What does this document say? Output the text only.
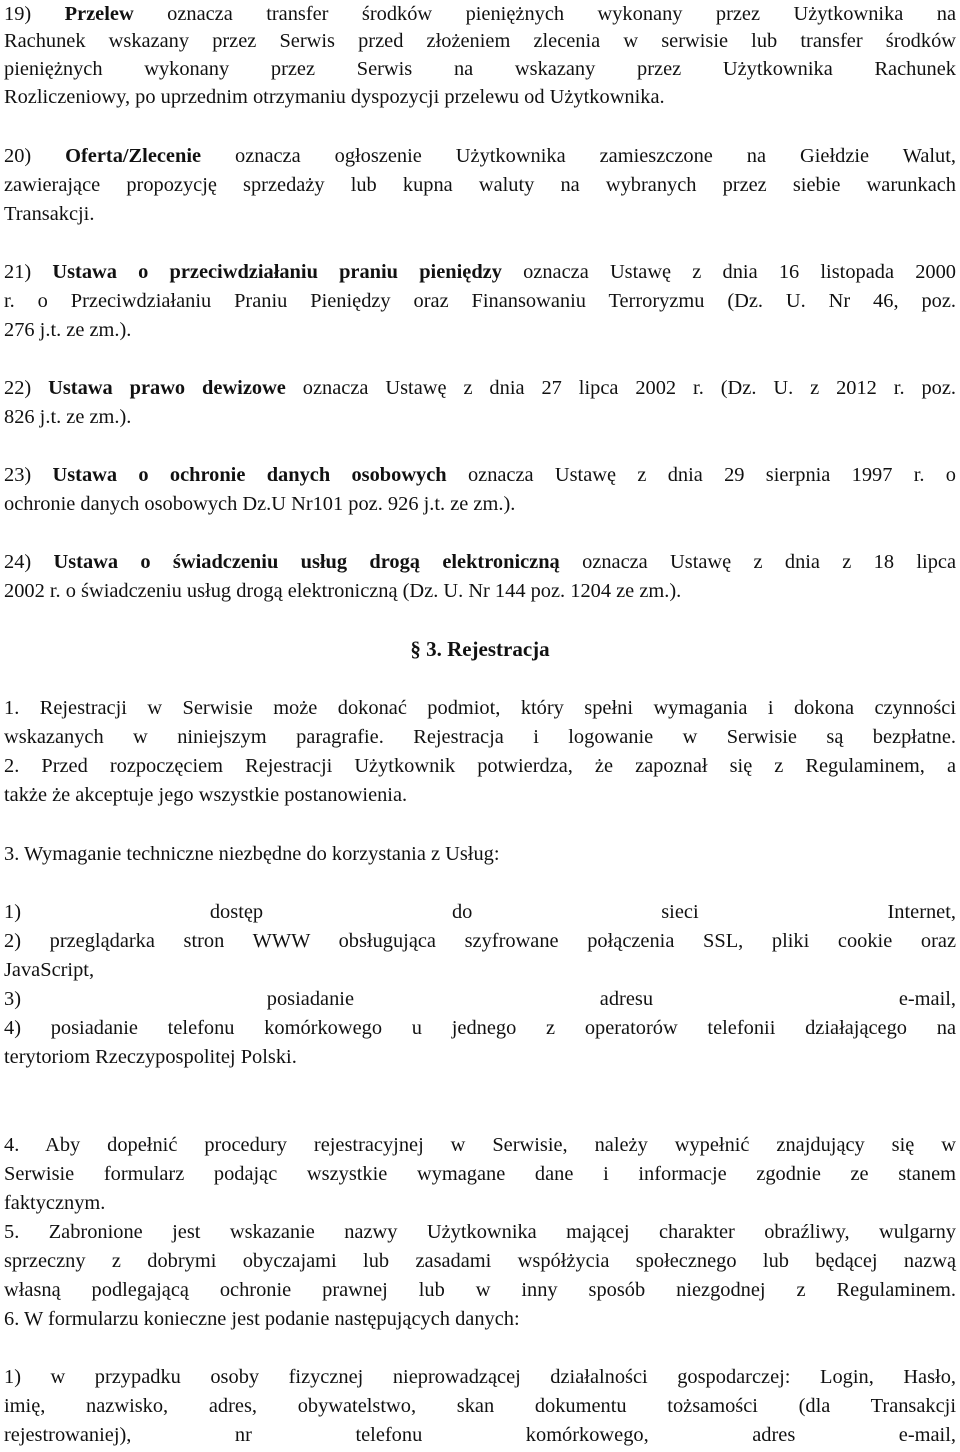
19) Przelew oznacza transfer środków pieniężnych wykonany przez Użytkownika na
Rachunek wskazany przez Serwis przed złożeniem zlecenia w serwisie lub transfer środków
pieniężnych wykonany przez Serwis na wskazany przez Użytkownika Rachunek
Rozliczeniowy, po uprzednim otrzymaniu dyspozycji przelewu od Użytkownika.
20) Oferta/Zlecenie oznacza ogłoszenie Użytkownika zamieszczone na Giełdzie Walut,
zawierające propozycję sprzedaży lub kupna waluty na wybranych przez siebie warunkach
Transakcji.
21) Ustawa o przeciwdziałaniu praniu pieniędzy oznacza Ustawę z dnia 16 listopada 2000
r. o Przeciwdziałaniu Praniu Pieniędzy oraz Finansowaniu Terroryzmu (Dz. U. Nr 46, poz.
276 j.t. ze zm.).
22) Ustawa prawo dewizowe oznacza Ustawę z dnia 27 lipca 2002 r. (Dz. U. z 2012 r. poz.
826 j.t. ze zm.).
23) Ustawa o ochronie danych osobowych oznacza Ustawę z dnia 29 sierpnia 1997 r. o
ochronie danych osobowych Dz.U Nr101 poz. 926 j.t. ze zm.).
24) Ustawa o świadczeniu usług drogą elektroniczną oznacza Ustawę z dnia z 18 lipca
2002 r. o świadczeniu usług drogą elektroniczną (Dz. U. Nr 144 poz. 1204 ze zm.).
§ 3. Rejestracja
1. Rejestracji w Serwisie może dokonać podmiot, który spełni wymagania i dokona czynności
wskazanych w niniejszym paragrafie. Rejestracja i logowanie w Serwisie są bezpłatne.
2. Przed rozpoczęciem Rejestracji Użytkownik potwierdza, że zapoznał się z Regulaminem, a
także że akceptuje jego wszystkie postanowienia.
3. Wymaganie techniczne niezbędne do korzystania z Usług:
1) dostęp do sieci Internet,
2) przeglądarka stron WWW obsługująca szyfrowane połączenia SSL, pliki cookie oraz
JavaScript,
3) posiadanie adresu e-mail,
4) posiadanie telefonu komórkowego u jednego z operatorów telefonii działającego na
terytoriom Rzeczypospolitej Polski.
4. Aby dopełnić procedury rejestracyjnej w Serwisie, należy wypełnić znajdujący się w
Serwisie formularz podając wszystkie wymagane dane i informacje zgodnie ze stanem
faktycznym.
5. Zabronione jest wskazanie nazwy Użytkownika mającej charakter obraźliwy, wulgarny
sprzeczny z dobrymi obyczajami lub zasadami współżycia społecznego lub będącej nazwą
własną podlegającą ochronie prawnej lub w inny sposób niezgodnej z Regulaminem.
6. W formularzu konieczne jest podanie następujących danych:
1) w przypadku osoby fizycznej nieprowadzącej działalności gospodarczej: Login, Hasło,
imię, nazwisko, adres, obywatelstwo, skan dokumentu tożsamości (dla Transakcji
rejestrowaniej), nr telefonu komórkowego, adres e-mail,
